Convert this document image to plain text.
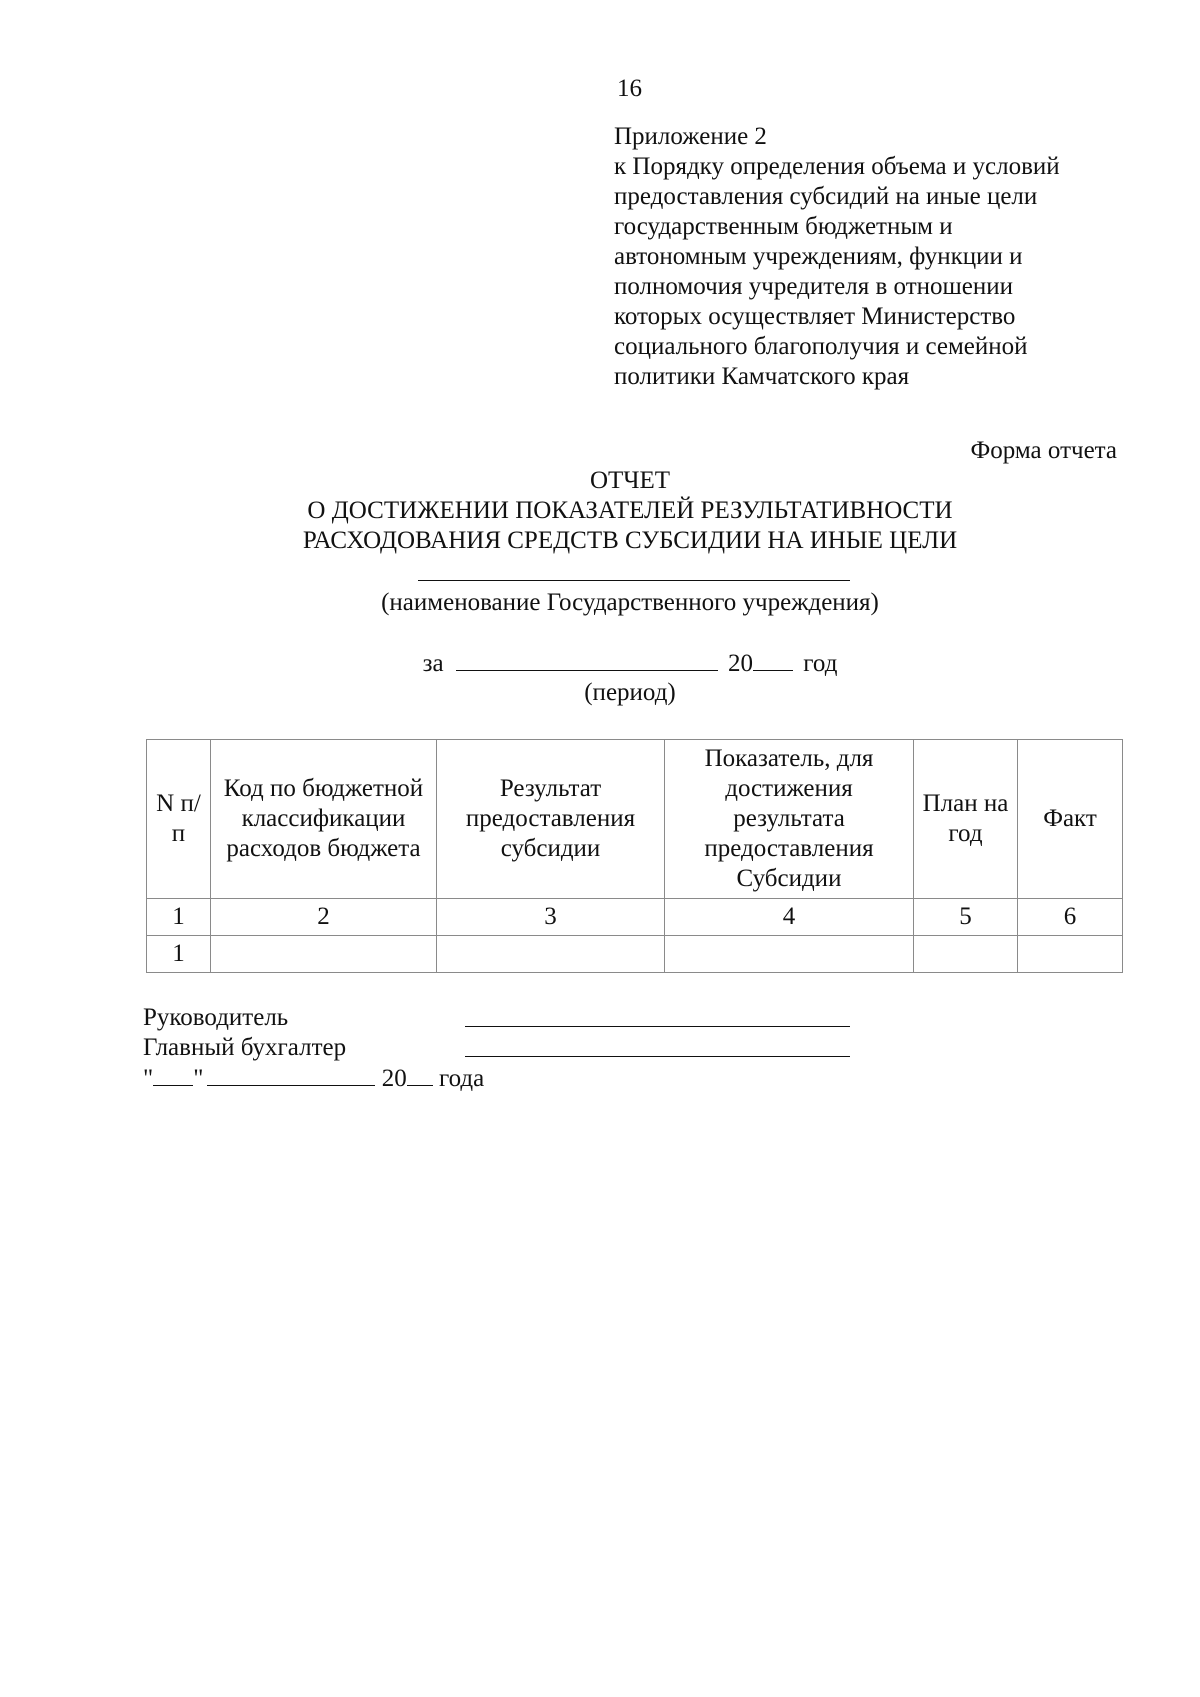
16
Приложение 2
к Порядку определения объема и условий
предоставления субсидий на иные цели
государственным бюджетным и
автономным учреждениям, функции и
полномочия учредителя в отношении
которых осуществляет Министерство
социального благополучия и семейной
политики Камчатского края
Форма отчета
ОТЧЕТ
О ДОСТИЖЕНИИ ПОКАЗАТЕЛЕЙ РЕЗУЛЬТАТИВНОСТИ
РАСХОДОВАНИЯ СРЕДСТВ СУБСИДИИ НА ИНЫЕ ЦЕЛИ
(наименование Государственного учреждения)
за	20 год
(период)
N п/п	Код по бюджетной классификации расходов бюджета	Результат предоставления субсидии	Показатель, для достижения результата предоставления Субсидии	План на год	Факт
1	2	3	4	5	6
1					
Руководитель
Главный бухгалтер
" "	20 года
